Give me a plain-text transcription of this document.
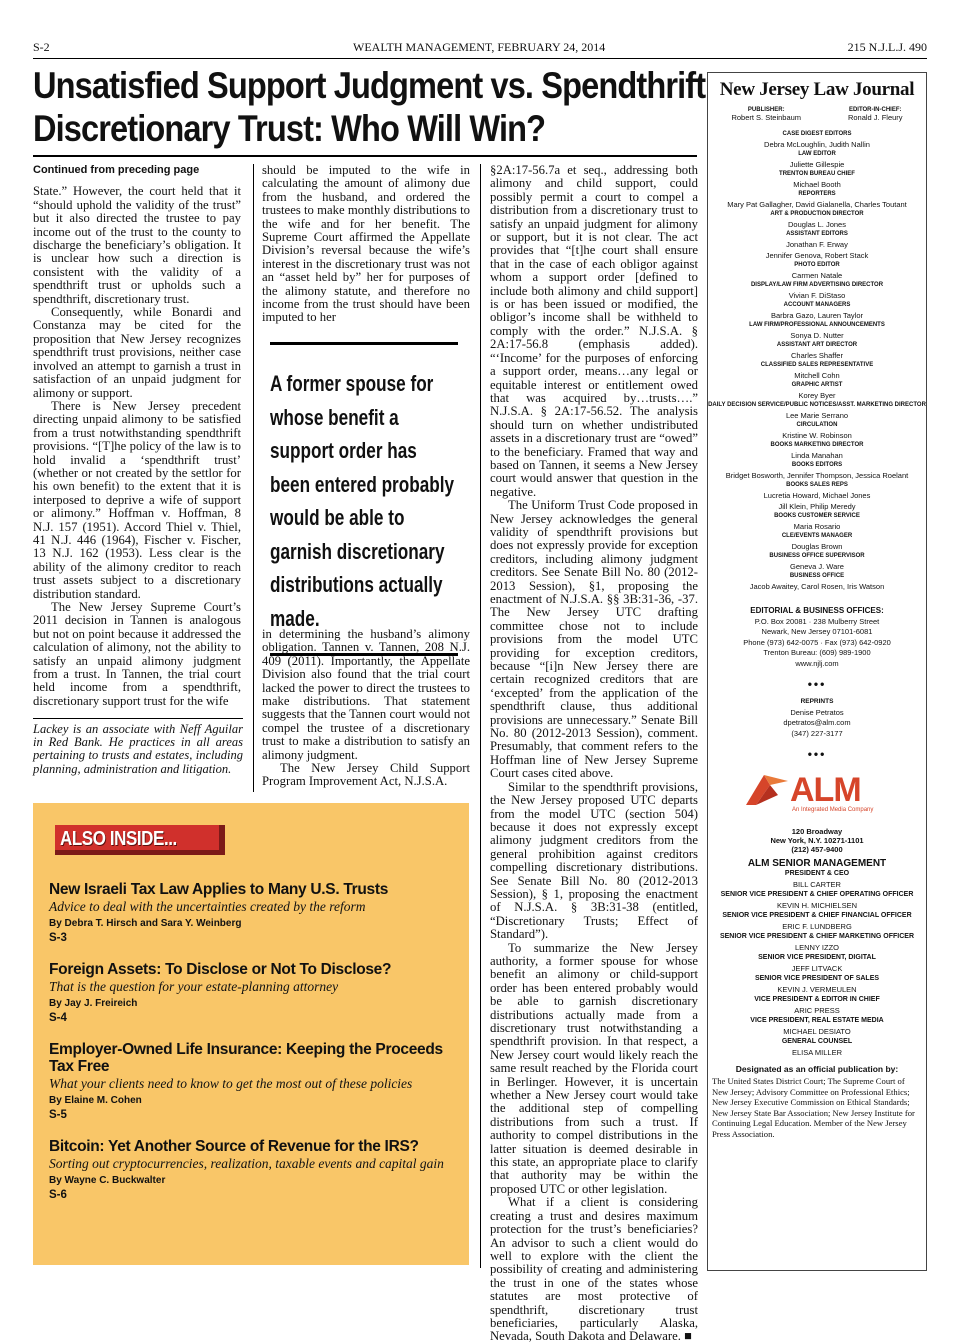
S-2	WEALTH MANAGEMENT, FEBRUARY 24, 2014	215 N.J.L.J. 490
Unsatisfied Support Judgment vs. Spendthrift
Discretionary Trust: Who Will Win?
Continued from preceding page

State.” However, the court held that it “should uphold the validity of the trust” but it also directed the trustee to pay income out of the trust to the county to discharge the beneficiary’s obligation. It is unclear how such a direction is consistent with the validity of a spendthrift trust or upholds such a spendthrift, discretionary trust.

Consequently, while Bonardi and Constanza may be cited for the proposition that New Jersey recognizes spendthrift trust provisions, neither case involved an attempt to garnish a trust in satisfaction of an unpaid judgment for alimony or support.

There is New Jersey precedent directing unpaid alimony to be satisfied from a trust notwithstanding spendthrift provisions. “[T]he policy of the law is to hold invalid a ‘spendthrift trust’ (whether or not created by the settlor for his own benefit) to the extent that it is interposed to deprive a wife of support or alimony.” Hoffman v. Hoffman, 8 N.J. 157 (1951). Accord Thiel v. Thiel, 41 N.J. 446 (1964), Fischer v. Fischer, 13 N.J. 162 (1953). Less clear is the ability of the alimony creditor to reach trust assets subject to a discretionary distribution standard.

The New Jersey Supreme Court’s 2011 decision in Tannen is analogous but not on point because it addressed the calculation of alimony, not the ability to satisfy an unpaid alimony judgment from a trust. In Tannen, the trial court held income from a spendthrift, discretionary support trust for the wife

Lackey is an associate with Neff Aguilar in Red Bank. He practices in all areas pertaining to trusts and estates, including planning, administration and litigation.

should be imputed to the wife in calculating the amount of alimony due from the husband, and ordered the trustees to make monthly distributions to the wife and for her benefit. The Supreme Court affirmed the Appellate Division’s reversal because the wife’s interest in the discretionary trust was not an “asset held by” her for purposes of the alimony statute, and therefore no income from the trust should have been imputed to her

A former spouse for whose benefit a support order has been entered probably would be able to garnish discretionary distributions actually made.

in determining the husband’s alimony obligation. Tannen v. Tannen, 208 N.J. 409 (2011). Importantly, the Appellate Division also found that the trial court lacked the power to direct the trustees to make distributions. That statement suggests that the Tannen court would not compel the trustee of a discretionary trust to make a distribution to satisfy an alimony judgment.

The New Jersey Child Support Program Improvement Act, N.J.S.A.

§2A:17-56.7a et seq., addressing both alimony and child support, could possibly permit a court to compel a distribution from a discretionary trust to satisfy an unpaid judgment for alimony or support, but it is not clear. The act provides that “[t]he court shall ensure that in the case of each obligor against whom a support order [defined to include both alimony and child support] is or has been issued or modified, the obligor’s income shall be withheld to comply with the order.” N.J.S.A. § 2A:17-56.8 (emphasis added). “‘Income’ for the purposes of enforcing a support order, means…any legal or equitable interest or entitlement owed that was acquired by…trusts….” N.J.S.A. § 2A:17-56.52. The analysis should turn on whether undistributed assets in a discretionary trust are “owed” to the beneficiary. Framed that way and based on Tannen, it seems a New Jersey court would answer that question in the negative.

The Uniform Trust Code proposed in New Jersey acknowledges the general validity of spendthrift provisions but does not expressly provide for exception creditors, including alimony judgment creditors. See Senate Bill No. 80 (2012-2013 Session), §1, proposing the enactment of N.J.S.A. §§ 3B:31-36, -37. The New Jersey UTC drafting committee chose not to include provisions from the model UTC providing for exception creditors, because “[i]n New Jersey there are certain recognized creditors that are ‘excepted’ from the application of the spendthrift clause, thus additional provisions are unnecessary.” Senate Bill No. 80 (2012-2013 Session), comment. Presumably, that comment refers to the Hoffman line of New Jersey Supreme Court cases cited above.

Similar to the spendthrift provisions, the New Jersey proposed UTC departs from the model UTC (section 504) because it does not expressly except alimony judgment creditors from the general prohibition against creditors compelling discretionary distributions. See Senate Bill No. 80 (2012-2013 Session), § 1, proposing the enactment of N.J.S.A. § 3B:31-38 (entitled, “Discretionary Trusts; Effect of Standard”).

To summarize the New Jersey authority, a former spouse for whose benefit an alimony or child-support order has been entered probably would be able to garnish discretionary distributions actually made from a discretionary trust notwithstanding a spendthrift provision. In that respect, a New Jersey court would likely reach the same result reached by the Florida court in Berlinger. However, it is uncertain whether a New Jersey court would take the additional step of compelling distributions from such a trust. If authority to compel distributions in the latter situation is deemed desirable in this state, an appropriate place to clarify that authority may be within the proposed UTC or other legislation.

What if a client is considering creating a trust and desires maximum protection for the trust’s beneficiaries? An advisor to such a client would do well to explore with the client the possibility of creating and administering the trust in one of the states whose statutes are most protective of spendthrift, discretionary trust beneficiaries, particularly Alaska, Nevada, South Dakota and Delaware. ■

ALSO INSIDE...
New Israeli Tax Law Applies to Many U.S. Trusts
Advice to deal with the uncertainties created by the reform
By Debra T. Hirsch and Sara Y. Weinberg
S-3
Foreign Assets: To Disclose or Not To Disclose?
That is the question for your estate-planning attorney
By Jay J. Freireich
S-4
Employer-Owned Life Insurance: Keeping the Proceeds Tax Free
What your clients need to know to get the most out of these policies
By Elaine M. Cohen
S-5
Bitcoin: Yet Another Source of Revenue for the IRS?
Sorting out cryptocurrencies, realization, taxable events and capital gain
By Wayne C. Buckwalter
S-6
New Jersey Law Journal
PUBLISHER:
Robert S. Steinbaum
EDITOR-IN-CHIEF:
Ronald J. Fleury
CASE DIGEST EDITORS
Debra McLoughlin, Judith Nallin
LAW EDITOR
Juliette Gillespie
TRENTON BUREAU CHIEF
Michael Booth
REPORTERS
Mary Pat Gallagher, David Gialanella, Charles Toutant
ART & PRODUCTION DIRECTOR
Douglas L. Jones
ASSISTANT EDITORS
Jonathan F. Erway
Jennifer Genova, Robert Stack
PHOTO EDITOR
Carmen Natale
DISPLAY/LAW FIRM ADVERTISING DIRECTOR
Vivian F. DiStaso
ACCOUNT MANAGERS
Barbra Gazo, Lauren Taylor
LAW FIRM/PROFESSIONAL ANNOUNCEMENTS
Sonya D. Nutter
ASSISTANT ART DIRECTOR
Charles Shaffer
CLASSIFIED SALES REPRESENTATIVE
Mitchell Cohn
GRAPHIC ARTIST
Korey Byer
DAILY DECISION SERVICE/PUBLIC NOTICES/ASST. MARKETING DIRECTOR
Lee Marie Serrano
CIRCULATION
Kristine W. Robinson
BOOKS MARKETING DIRECTOR
Linda Manahan
BOOKS EDITORS
Bridget Bosworth, Jennifer Thompson, Jessica Roelant
BOOKS SALES REPS
Lucretia Howard, Michael Jones
Jill Klein, Philip Meredy
BOOKS CUSTOMER SERVICE
Maria Rosario
CLE/EVENTS MANAGER
Douglas Brown
BUSINESS OFFICE SUPERVISOR
Geneva J. Ware
BUSINESS OFFICE
Jacob Awaitey, Carol Rosen, Iris Watson
EDITORIAL & BUSINESS OFFICES:
P.O. Box 20081 · 238 Mulberry Street
Newark, New Jersey 07101-6081
Phone (973) 642-0075 · Fax (973) 642-0920
Trenton Bureau: (609) 989-1900
www.njlj.com
•••
REPRINTS
Denise Petratos
dpetratos@alm.com
(347) 227-3177
•••
ALM
An Integrated Media Company
120 Broadway
New York, N.Y. 10271-1101
(212) 457-9400
ALM SENIOR MANAGEMENT
PRESIDENT & CEO
BILL CARTER
SENIOR VICE PRESIDENT & CHIEF OPERATING OFFICER
KEVIN H. MICHIELSEN
SENIOR VICE PRESIDENT & CHIEF FINANCIAL OFFICER
ERIC F. LUNDBERG
SENIOR VICE PRESIDENT & CHIEF MARKETING OFFICER
LENNY IZZO
SENIOR VICE PRESIDENT, DIGITAL
JEFF LITVACK
SENIOR VICE PRESIDENT OF SALES
KEVIN J. VERMEULEN
VICE PRESIDENT & EDITOR IN CHIEF
ARIC PRESS
VICE PRESIDENT, REAL ESTATE MEDIA
MICHAEL DESIATO
GENERAL COUNSEL
ELISA MILLER
Designated as an official publication by:
The United States District Court; The Supreme Court of New Jersey; Advisory Committee on Professional Ethics; New Jersey Executive Commission on Ethical Standards; New Jersey State Bar Association; New Jersey Institute for Continuing Legal Education. Member of the New Jersey Press Association.
